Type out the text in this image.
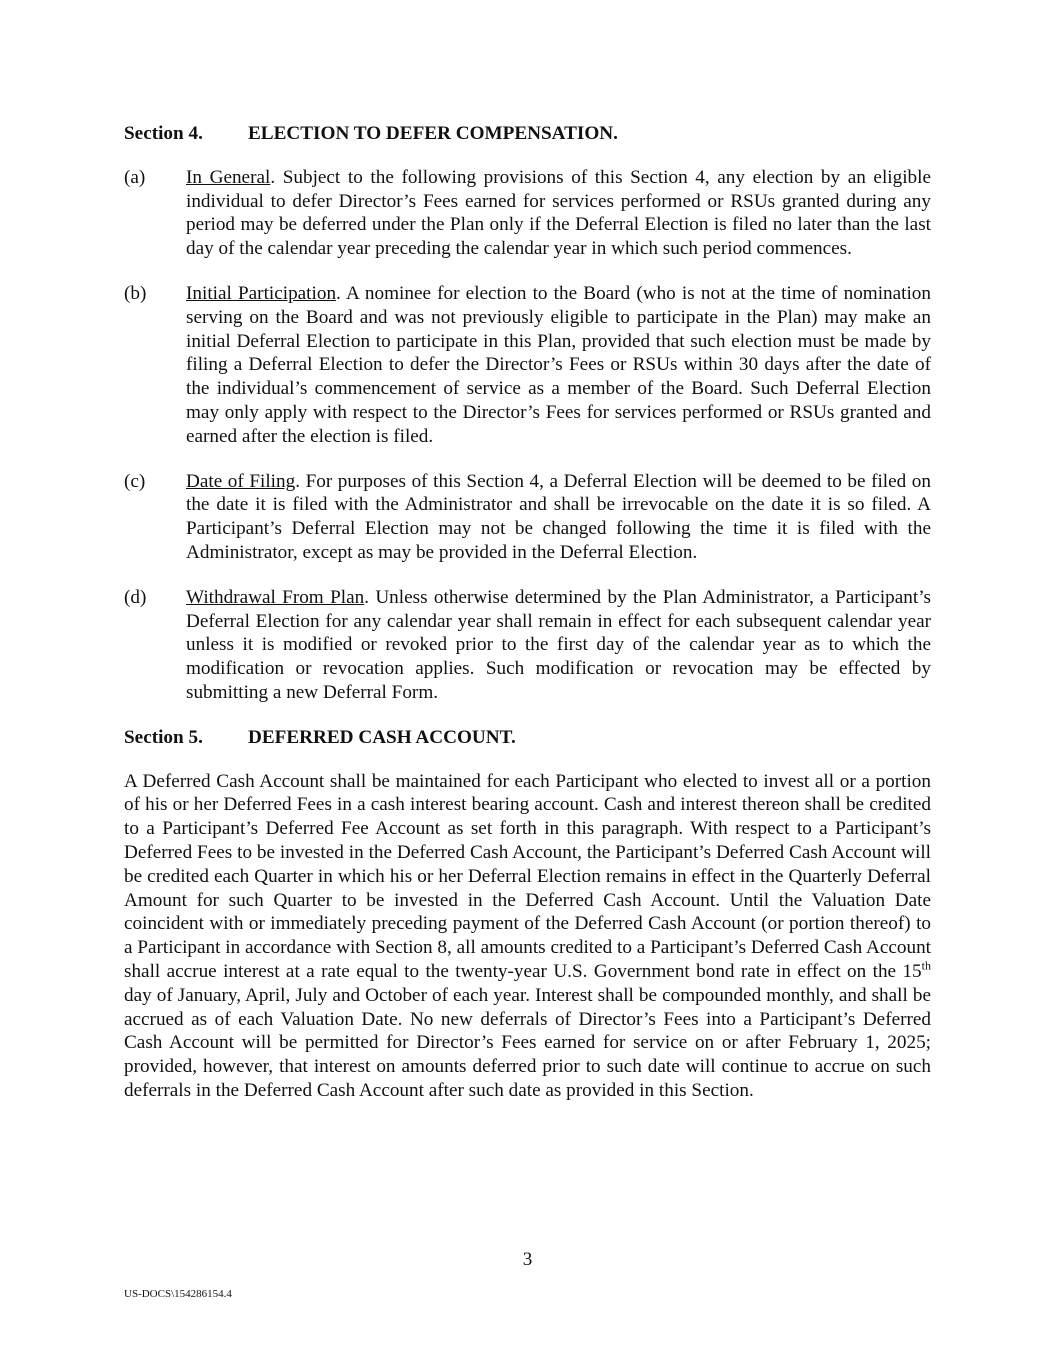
Section 4.	ELECTION TO DEFER COMPENSATION.
(a)	In General. Subject to the following provisions of this Section 4, any election by an eligible individual to defer Director’s Fees earned for services performed or RSUs granted during any period may be deferred under the Plan only if the Deferral Election is filed no later than the last day of the calendar year preceding the calendar year in which such period commences.
(b)	Initial Participation. A nominee for election to the Board (who is not at the time of nomination serving on the Board and was not previously eligible to participate in the Plan) may make an initial Deferral Election to participate in this Plan, provided that such election must be made by filing a Deferral Election to defer the Director’s Fees or RSUs within 30 days after the date of the individual’s commencement of service as a member of the Board. Such Deferral Election may only apply with respect to the Director’s Fees for services performed or RSUs granted and earned after the election is filed.
(c)	Date of Filing. For purposes of this Section 4, a Deferral Election will be deemed to be filed on the date it is filed with the Administrator and shall be irrevocable on the date it is so filed. A Participant’s Deferral Election may not be changed following the time it is filed with the Administrator, except as may be provided in the Deferral Election.
(d)	Withdrawal From Plan. Unless otherwise determined by the Plan Administrator, a Participant’s Deferral Election for any calendar year shall remain in effect for each subsequent calendar year unless it is modified or revoked prior to the first day of the calendar year as to which the modification or revocation applies. Such modification or revocation may be effected by submitting a new Deferral Form.
Section 5.	DEFERRED CASH ACCOUNT.

A Deferred Cash Account shall be maintained for each Participant who elected to invest all or a portion of his or her Deferred Fees in a cash interest bearing account. Cash and interest thereon shall be credited to a Participant’s Deferred Fee Account as set forth in this paragraph. With respect to a Participant’s Deferred Fees to be invested in the Deferred Cash Account, the Participant’s Deferred Cash Account will be credited each Quarter in which his or her Deferral Election remains in effect in the Quarterly Deferral Amount for such Quarter to be invested in the Deferred Cash Account. Until the Valuation Date coincident with or immediately preceding payment of the Deferred Cash Account (or portion thereof) to a Participant in accordance with Section 8, all amounts credited to a Participant’s Deferred Cash Account shall accrue interest at a rate equal to the twenty-year U.S. Government bond rate in effect on the 15th day of January, April, July and October of each year. Interest shall be compounded monthly, and shall be accrued as of each Valuation Date. No new deferrals of Director’s Fees into a Participant’s Deferred Cash Account will be permitted for Director’s Fees earned for service on or after February 1, 2025; provided, however, that interest on amounts deferred prior to such date will continue to accrue on such deferrals in the Deferred Cash Account after such date as provided in this Section.

3
US-DOCS\154286154.4
